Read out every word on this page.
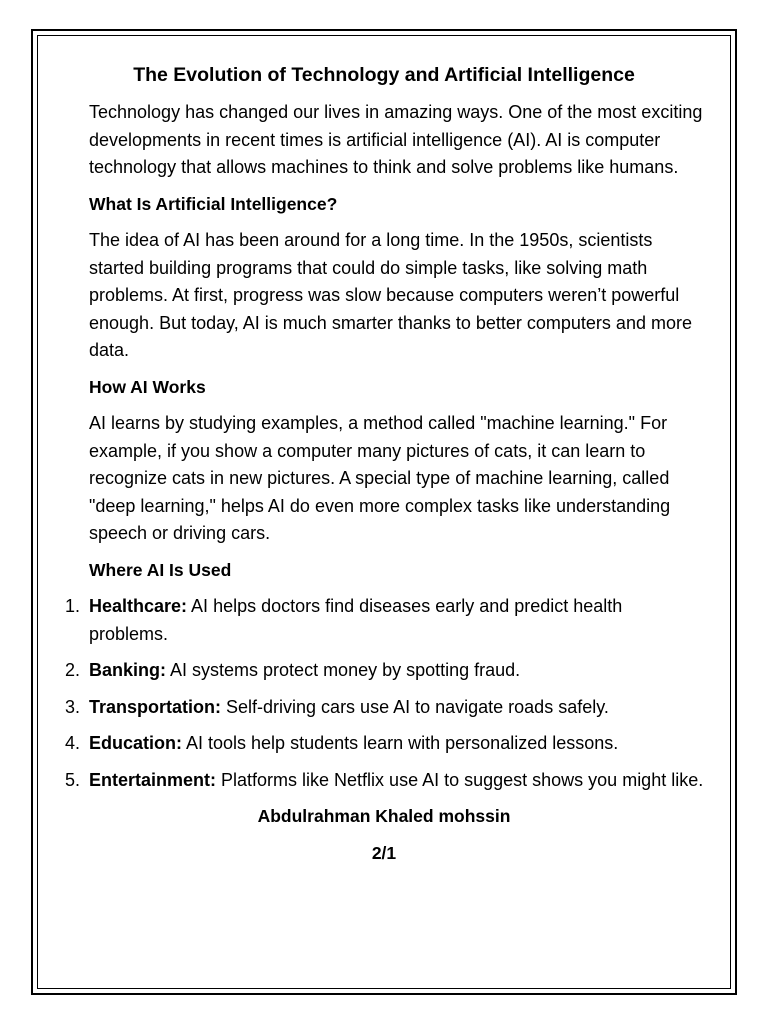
The Evolution of Technology and Artificial Intelligence

Technology has changed our lives in amazing ways. One of the most exciting developments in recent times is artificial intelligence (AI). AI is computer technology that allows machines to think and solve problems like humans.

What Is Artificial Intelligence?

The idea of AI has been around for a long time. In the 1950s, scientists started building programs that could do simple tasks, like solving math problems. At first, progress was slow because computers weren’t powerful enough. But today, AI is much smarter thanks to better computers and more data.

How AI Works

AI learns by studying examples, a method called "machine learning." For example, if you show a computer many pictures of cats, it can learn to recognize cats in new pictures. A special type of machine learning, called "deep learning," helps AI do even more complex tasks like understanding speech or driving cars.

Where AI Is Used
1. Healthcare: AI helps doctors find diseases early and predict health problems.
2. Banking: AI systems protect money by spotting fraud.
3. Transportation: Self-driving cars use AI to navigate roads safely.
4. Education: AI tools help students learn with personalized lessons.
5. Entertainment: Platforms like Netflix use AI to suggest shows you might like.
Abdulrahman Khaled mohssin
2/1
